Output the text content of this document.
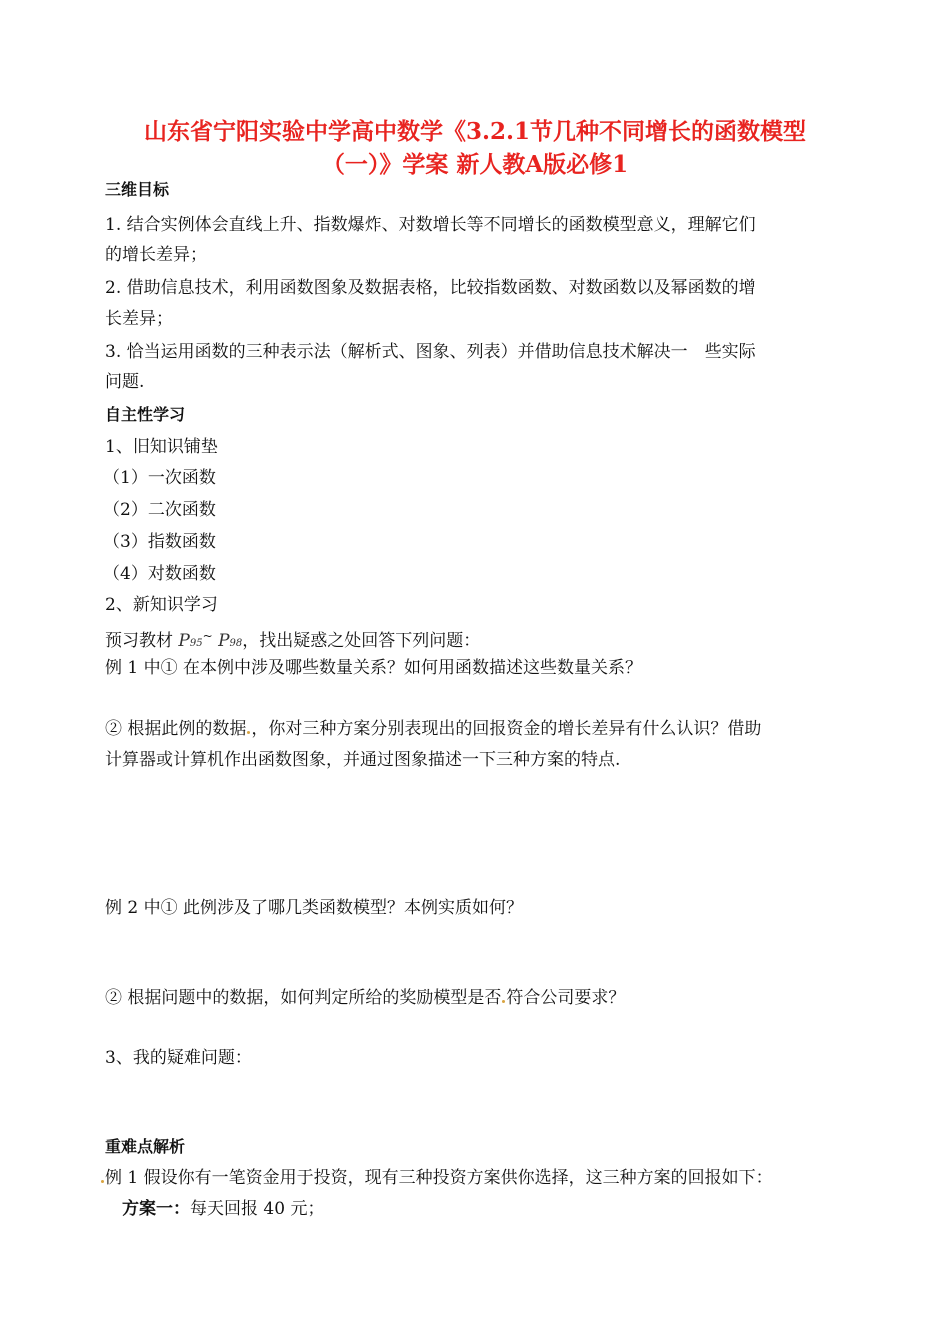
山东省宁阳实验中学高中数学《3.2.1节几种不同增长的函数模型
（一）》学案 新人教A版必修1
三维目标
1. 结合实例体会直线上升、指数爆炸、对数增长等不同增长的函数模型意义，理解它们
的增长差异；
2. 借助信息技术，利用函数图象及数据表格，比较指数函数、对数函数以及幂函数的增
长差异；
3. 恰当运用函数的三种表示法（解析式、图象、列表）并借助信息技术解决一　些实际
问题.
自主性学习
1、旧知识铺垫
（1）一次函数
（2）二次函数
（3）指数函数
（4）对数函数
2、新知识学习
预习教材 P95~ P98，找出疑惑之处回答下列问题：
例 1 中① 在本例中涉及哪些数量关系？如何用函数描述这些数量关系？
② 根据此例的数据 ，你对三种方案分别表现出的回报资金的增长差异有什么认识？借助
计算器或计算机作出函数图象，并通过图象描述一下三种方案的特点.
例 2 中① 此例涉及了哪几类函数模型？本例实质如何？
② 根据问题中的数据，如何判定所给的奖励模型是否 符合公司要求？
3、我的疑难问题：
重难点解析
例 1 假设你有一笔资金用于投资，现有三种投资方案供你选择，这三种方案的回报如下：
方案一：每天回报 40 元；
